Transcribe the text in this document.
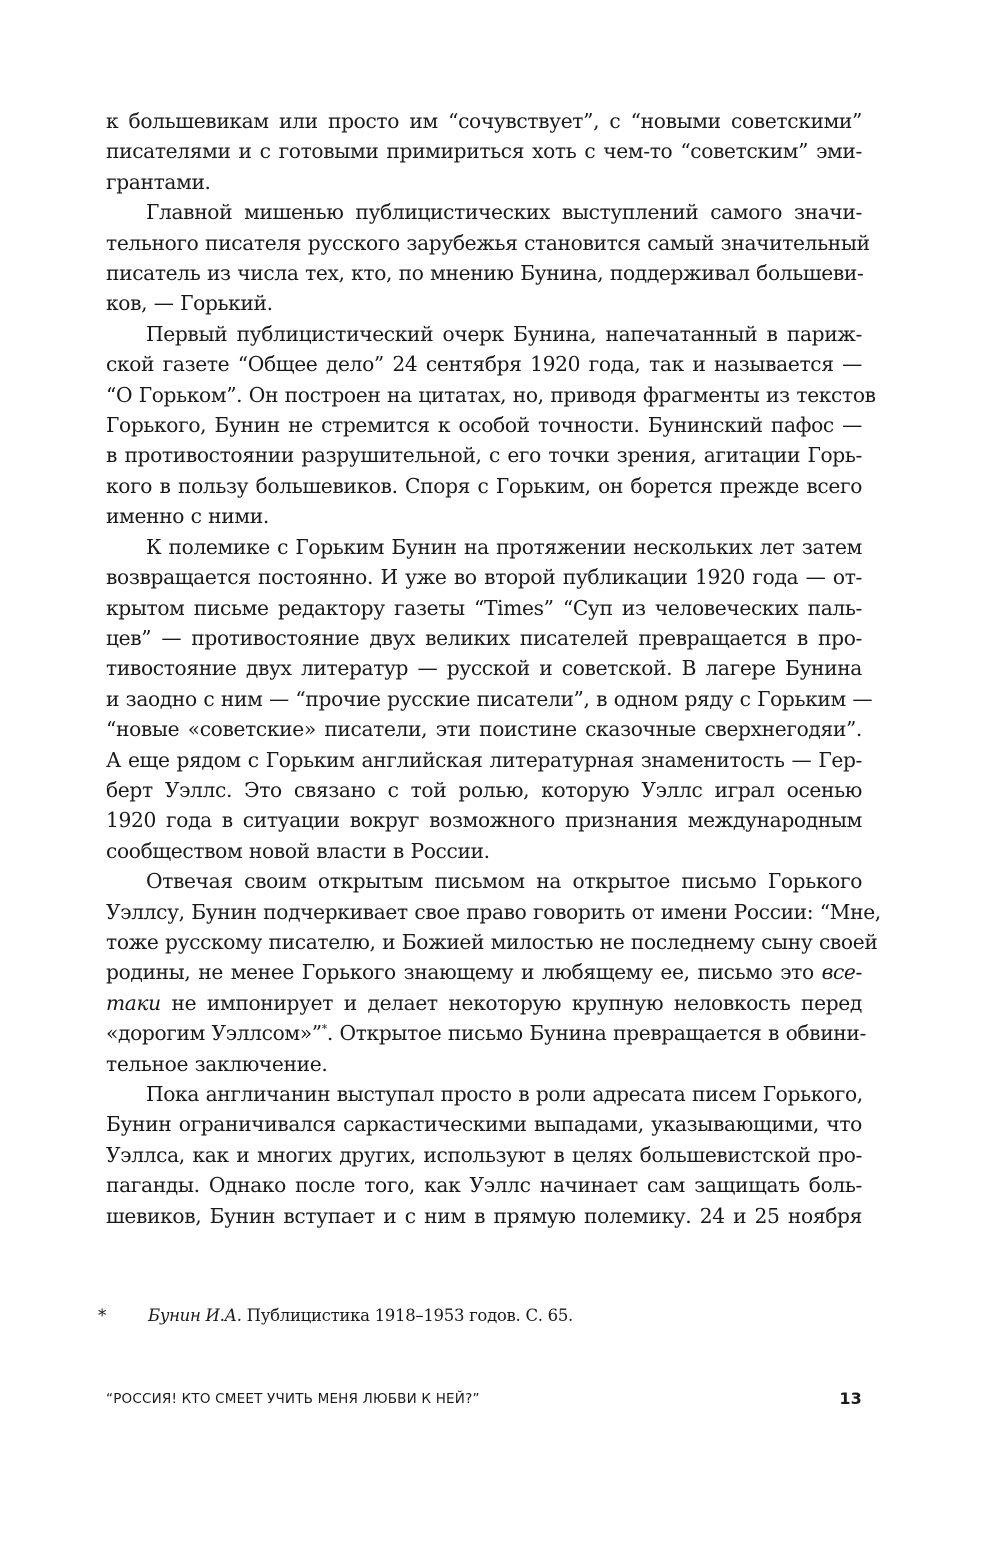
к большевикам или просто им “сочувствует”, с “новыми советскими”
писателями и с готовыми примириться хоть с чем-то “советским” эми-
грантами.
Главной мишенью публицистических выступлений самого значи-
тельного писателя русского зарубежья становится самый значительный
писатель из числа тех, кто, по мнению Бунина, поддерживал большеви-
ков, — Горький.
Первый публицистический очерк Бунина, напечатанный в париж-
ской газете “Общее дело” 24 сентября 1920 года, так и называется —
“О Горьком”. Он построен на цитатах, но, приводя фрагменты из текстов
Горького, Бунин не стремится к особой точности. Бунинский пафос —
в противостоянии разрушительной, с его точки зрения, агитации Горь-
кого в пользу большевиков. Споря с Горьким, он борется прежде всего
именно с ними.
К полемике с Горьким Бунин на протяжении нескольких лет затем
возвращается постоянно. И уже во второй публикации 1920 года — от-
крытом письме редактору газеты “Times” “Суп из человеческих паль-
цев” — противостояние двух великих писателей превращается в про-
тивостояние двух литератур — русской и советской. В лагере Бунина
и заодно с ним — “прочие русские писатели”, в одном ряду с Горьким —
“новые «советские» писатели, эти поистине сказочные сверхнегодяи”.
А еще рядом с Горьким английская литературная знаменитость — Гер-
берт Уэллс. Это связано с той ролью, которую Уэллс играл осенью
1920 года в ситуации вокруг возможного признания международным
сообществом новой власти в России.
Отвечая своим открытым письмом на открытое письмо Горького
Уэллсу, Бунин подчеркивает свое право говорить от имени России: “Мне,
тоже русскому писателю, и Божией милостью не последнему сыну своей
родины, не менее Горького знающему и любящему ее, письмо это все-
таки не импонирует и делает некоторую крупную неловкость перед
«дорогим Уэллсом»”*. Открытое письмо Бунина превращается в обвини-
тельное заключение.
Пока англичанин выступал просто в роли адресата писем Горького,
Бунин ограничивался саркастическими выпадами, указывающими, что
Уэллса, как и многих других, используют в целях большевистской про-
паганды. Однако после того, как Уэллс начинает сам защищать боль-
шевиков, Бунин вступает и с ним в прямую полемику. 24 и 25 ноября
*	Бунин И.А. Публицистика 1918–1953 годов. С. 65.
“РОССИЯ! КТО СМЕЕТ УЧИТЬ МЕНЯ ЛЮБВИ К НЕЙ?”	13
